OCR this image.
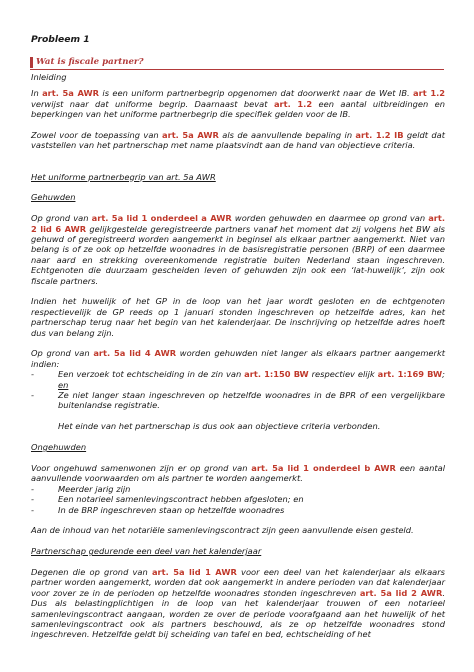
Probleem 1
Wat is fiscale partner?

Inleiding

In art. 5a AWR is een uniform partnerbegrip opgenomen dat doorwerkt naar de Wet IB. art 1.2 verwijst naar dat uniforme begrip. Daarnaast bevat art. 1.2 een aantal uitbreidingen en beperkingen van het uniforme partnerbegrip die specifiek gelden voor de IB.

Zowel voor de toepassing van art. 5a AWR als de aanvullende bepaling in art. 1.2 IB geldt dat vaststellen van het partnerschap met name plaatsvindt aan de hand van objectieve criteria.

Het uniforme partnerbegrip van art. 5a AWR

Gehuwden

Op grond van art. 5a lid 1 onderdeel a AWR worden gehuwden en daarmee op grond van art. 2 lid 6 AWR gelijkgestelde geregistreerde partners vanaf het moment dat zij volgens het BW als gehuwd of geregistreerd worden aangemerkt in beginsel als elkaar partner aangemerkt. Niet van belang is of ze ook op hetzelfde woonadres in de basisregistratie personen (BRP) of een daarmee naar aard en strekking overeenkomende registratie buiten Nederland staan ingeschreven. Echtgenoten die duurzaam gescheiden leven of gehuwden zijn ook een ‘lat-huwelijk’, zijn ook fiscale partners.

Indien het huwelijk of het GP in de loop van het jaar wordt gesloten en de echtgenoten respectievelijk de GP reeds op 1 januari stonden ingeschreven op hetzelfde adres, kan het partnerschap terug naar het begin van het kalenderjaar. De inschrijving op hetzelfde adres hoeft dus van belang zijn.

Op grond van art. 5a lid 4 AWR worden gehuwden niet langer als elkaars partner aangemerkt indien:

- Een verzoek tot echtscheiding in de zin van art. 1:150 BW respectiev elijk art. 1:169 BW; en
- Ze niet langer staan ingeschreven op hetzelfde woonadres in de BPR of een vergelijkbare buitenlandse registratie.

Het einde van het partnerschap is dus ook aan objectieve criteria verbonden.

Ongehuwden

Voor ongehuwd samenwonen zijn er op grond van art. 5a lid 1 onderdeel b AWR een aantal aanvullende voorwaarden om als partner te worden aangemerkt.

- Meerder jarig zijn
- Een notarieel samenlevingscontract hebben afgesloten; en
- In de BRP ingeschreven staan op hetzelfde woonadres

Aan de inhoud van het notariële samenlevingscontract zijn geen aanvullende eisen gesteld.

Partnerschap gedurende een deel van het kalenderjaar

Degenen die op grond van art. 5a lid 1 AWR voor een deel van het kalenderjaar als elkaars partner worden aangemerkt, worden dat ook aangemerkt in andere perioden van dat kalenderjaar voor zover ze in de perioden op hetzelfde woonadres stonden ingeschreven art. 5a lid 2 AWR. Dus als belastingplichtigen in de loop van het kalenderjaar trouwen of een notarieel samenlevingscontract aangaan, worden ze over de periode voorafgaand aan het huwelijk of het samenlevingscontract ook als partners beschouwd, als ze op hetzelfde woonadres stond ingeschreven. Hetzelfde geldt bij scheiding van tafel en bed, echtscheiding of het
